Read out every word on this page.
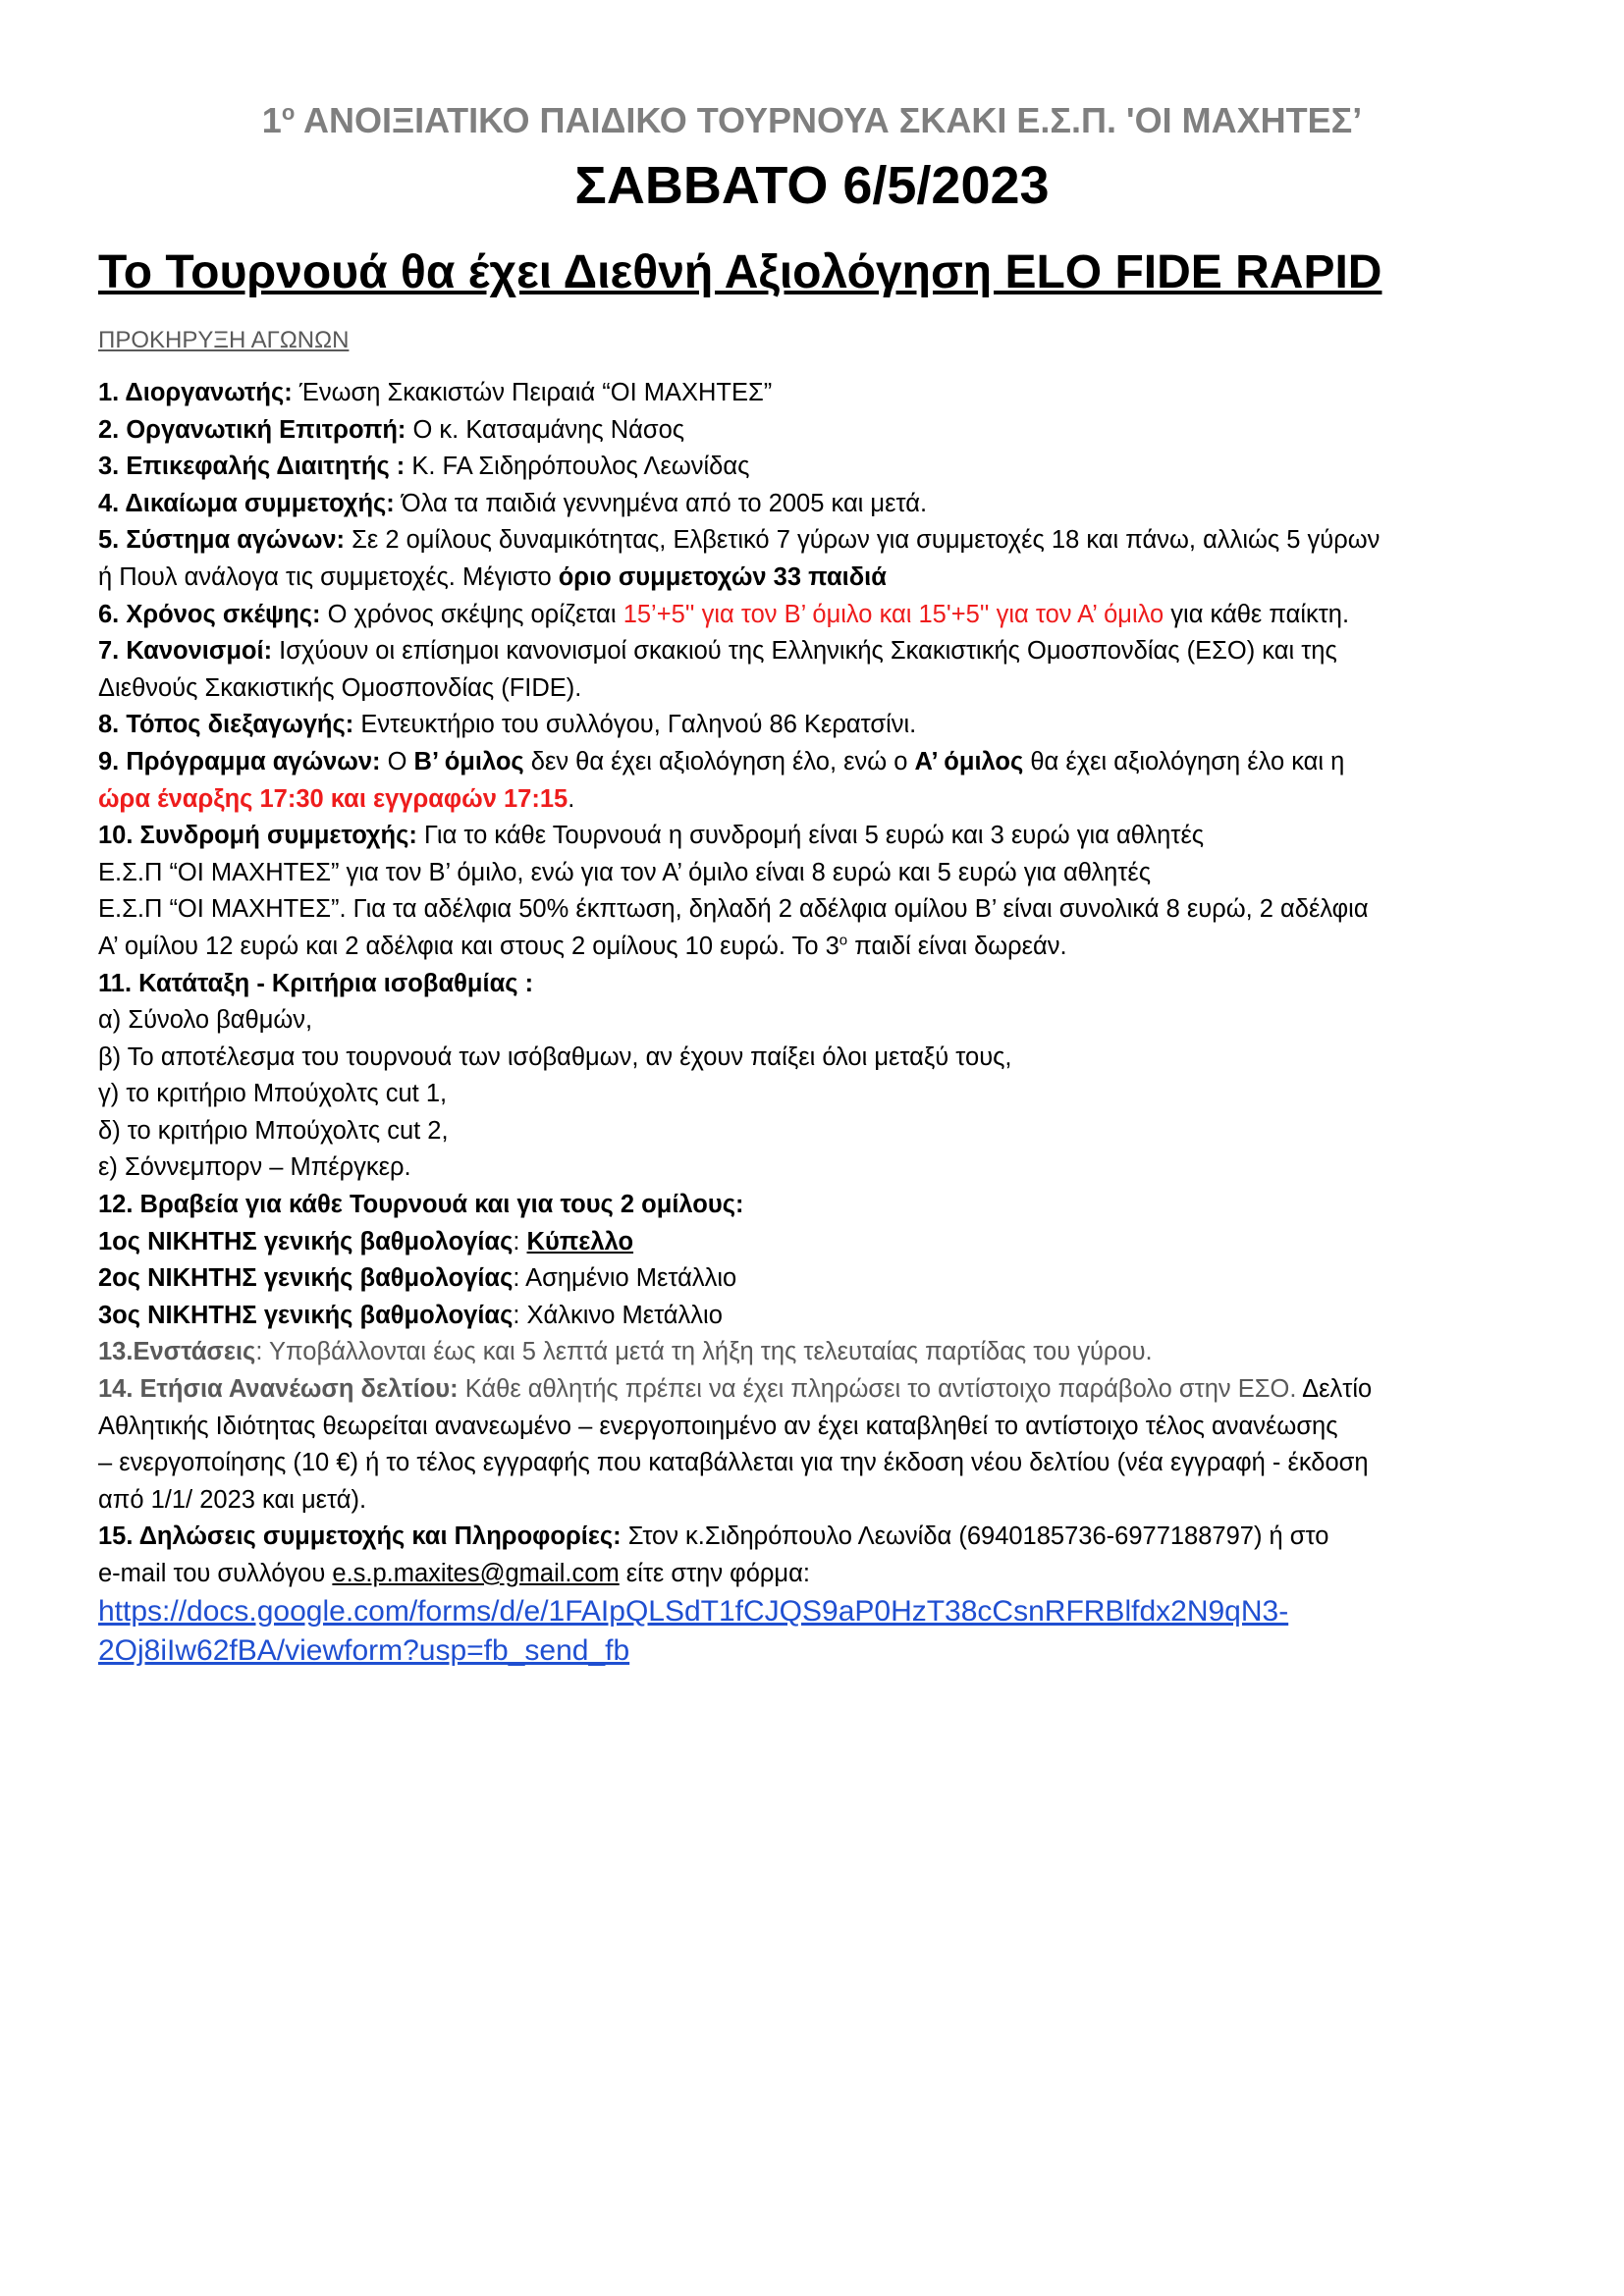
$1^o$ ΑΝΟΙΞΙΑΤΙΚΟ ΠΑΙΔΙΚΟ ΤΟΥΡΝΟΥΑ ΣΚΑΚΙ Ε.Σ.Π. 'ΟΙ ΜΑΧΗΤΕΣ’
ΣΑΒΒΑΤΟ 6/5/2023
Το Τουρνουά θα έχει Διεθνή Αξιολόγηση ELO FIDE RAPID
ΠΡΟΚΗΡΥΞΗ ΑΓΩΝΩΝ
1. Διοργανωτής: Ένωση Σκακιστών Πειραιά “ΟΙ ΜΑΧΗΤΕΣ”
2. Οργανωτική Επιτροπή: Ο κ. Κατσαμάνης Νάσος
3. Επικεφαλής Διαιτητής : Κ. FA Σιδηρόπουλος Λεωνίδας
4. Δικαίωμα συμμετοχής: Όλα τα παιδιά γεννημένα από το 2005 και μετά.
5. Σύστημα αγώνων: Σε 2 ομίλους δυναμικότητας, Ελβετικό 7 γύρων για συμμετοχές 18 και πάνω, αλλιώς 5 γύρων
ή Πουλ ανάλογα τις συμμετοχές. Μέγιστο όριο συμμετοχών 33 παιδιά
6. Χρόνος σκέψης: Ο χρόνος σκέψης ορίζεται 15’+5'' για τον Β’ όμιλο και 15'+5'' για τον Α’ όμιλο για κάθε παίκτη.
7. Κανονισμοί: Ισχύουν οι επίσημοι κανονισμοί σκακιού της Ελληνικής Σκακιστικής Ομοσπονδίας (ΕΣΟ) και της
Διεθνούς Σκακιστικής Ομοσπονδίας (FIDE).
8. Τόπος διεξαγωγής: Εντευκτήριο του συλλόγου, Γαληνού 86 Κερατσίνι.
9. Πρόγραμμα αγώνων: Ο Β’ όμιλος δεν θα έχει αξιολόγηση έλο, ενώ ο Α’ όμιλος θα έχει αξιολόγηση έλο και η
ώρα έναρξης 17:30 και εγγραφών 17:15.
10. Συνδρομή συμμετοχής: Για το κάθε Τουρνουά η συνδρομή είναι 5 ευρώ και 3 ευρώ για αθλητές
Ε.Σ.Π “ΟΙ ΜΑΧΗΤΕΣ” για τον Β’ όμιλο, ενώ για τον Α’ όμιλο είναι 8 ευρώ και 5 ευρώ για αθλητές
Ε.Σ.Π “ΟΙ ΜΑΧΗΤΕΣ”. Για τα αδέλφια 50% έκπτωση, δηλαδή 2 αδέλφια ομίλου Β’ είναι συνολικά 8 ευρώ, 2 αδέλφια
Α’ ομίλου 12 ευρώ και 2 αδέλφια και στους 2 ομίλους 10 ευρώ. Το $3^o$ παιδί είναι δωρεάν.
11. Κατάταξη - Κριτήρια ισοβαθμίας :
α) Σύνολο βαθμών,
β) Το αποτέλεσμα του τουρνουά των ισόβαθμων, αν έχουν παίξει όλοι μεταξύ τους,
γ) το κριτήριο Μπούχολτς cut 1,
δ) το κριτήριο Μπούχολτς cut 2,
ε) Σόννεμπορν – Μπέργκερ.
12. Βραβεία για κάθε Τουρνουά και για τους 2 ομίλους:
1ος ΝΙΚΗΤΗΣ γενικής βαθμολογίας: Κύπελλο
2ος ΝΙΚΗΤΗΣ γενικής βαθμολογίας: Ασημένιο Μετάλλιο
3ος ΝΙΚΗΤΗΣ γενικής βαθμολογίας: Χάλκινο Μετάλλιο
13.Ενστάσεις: Υποβάλλονται έως και 5 λεπτά μετά τη λήξη της τελευταίας παρτίδας του γύρου.
14. Ετήσια Ανανέωση δελτίου: Κάθε αθλητής πρέπει να έχει πληρώσει το αντίστοιχο παράβολο στην ΕΣΟ. Δελτίο
Αθλητικής Ιδιότητας θεωρείται ανανεωμένο – ενεργοποιημένο αν έχει καταβληθεί το αντίστοιχο τέλος ανανέωσης
– ενεργοποίησης (10 €) ή το τέλος εγγραφής που καταβάλλεται για την έκδοση νέου δελτίου (νέα εγγραφή - έκδοση
από 1/1/ 2023 και μετά).
15. Δηλώσεις συμμετοχής και Πληροφορίες: Στον κ.Σιδηρόπουλο Λεωνίδα (6940185736-6977188797) ή στο
e-mail του συλλόγου e.s.p.maxites@gmail.com είτε στην φόρμα:
https://docs.google.com/forms/d/e/1FAIpQLSdT1fCJQS9aP0HzT38cCsnRFRBlfdx2N9qN3-
2Oj8iIw62fBA/viewform?usp=fb_send_fb
